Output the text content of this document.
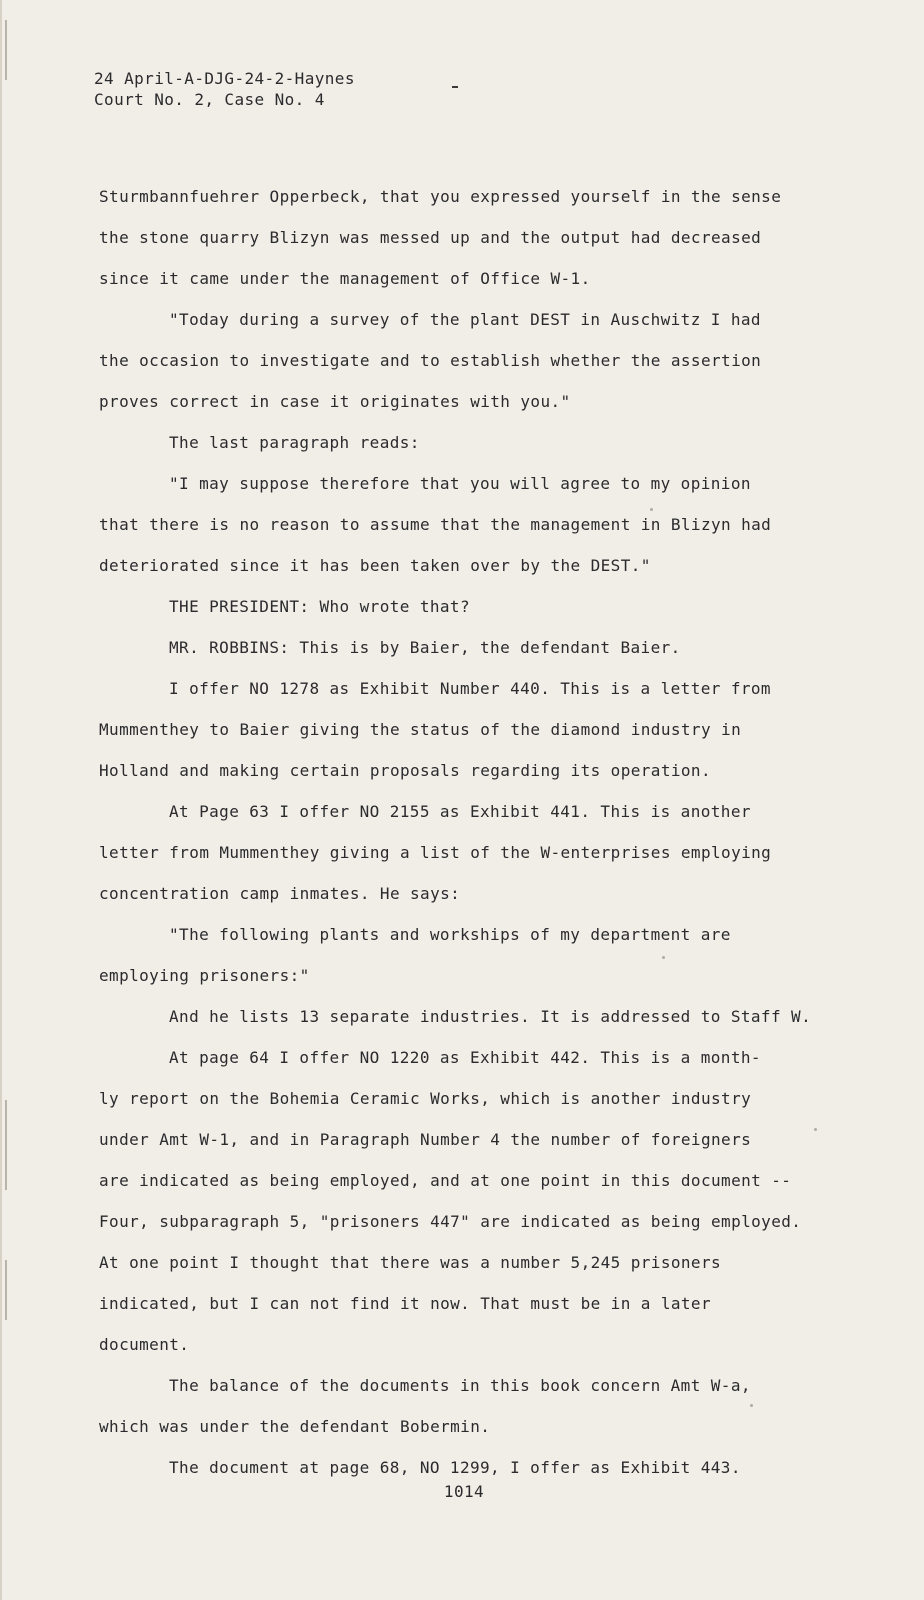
24 April-A-DJG-24-2-Haynes
Court No. 2, Case No. 4
Sturmbannfuehrer Opperbeck, that you expressed yourself in the sense
the stone quarry Blizyn was messed up and the output had decreased
since it came under the management of Office W-1.
"Today during a survey of the plant DEST in Auschwitz I had
the occasion to investigate and to establish whether the assertion
proves correct in case it originates with you."
The last paragraph reads:
"I may suppose therefore that you will agree to my opinion
that there is no reason to assume that the management in Blizyn had
deteriorated since it has been taken over by the DEST."
THE PRESIDENT: Who wrote that?
MR. ROBBINS: This is by Baier, the defendant Baier.
I offer NO 1278 as Exhibit Number 440. This is a letter from
Mummenthey to Baier giving the status of the diamond industry in
Holland and making certain proposals regarding its operation.
At Page 63 I offer NO 2155 as Exhibit 441. This is another
letter from Mummenthey giving a list of the W-enterprises employing
concentration camp inmates. He says:
"The following plants and workships of my department are
employing prisoners:"
And he lists 13 separate industries. It is addressed to Staff W.
At page 64 I offer NO 1220 as Exhibit 442. This is a month-
ly report on the Bohemia Ceramic Works, which is another industry
under Amt W-1, and in Paragraph Number 4 the number of foreigners
are indicated as being employed, and at one point in this document --
Four, subparagraph 5, "prisoners 447" are indicated as being employed.
At one point I thought that there was a number 5,245 prisoners
indicated, but I can not find it now. That must be in a later
document.
The balance of the documents in this book concern Amt W-a,
which was under the defendant Bobermin.
The document at page 68, NO 1299, I offer as Exhibit 443.
1014
